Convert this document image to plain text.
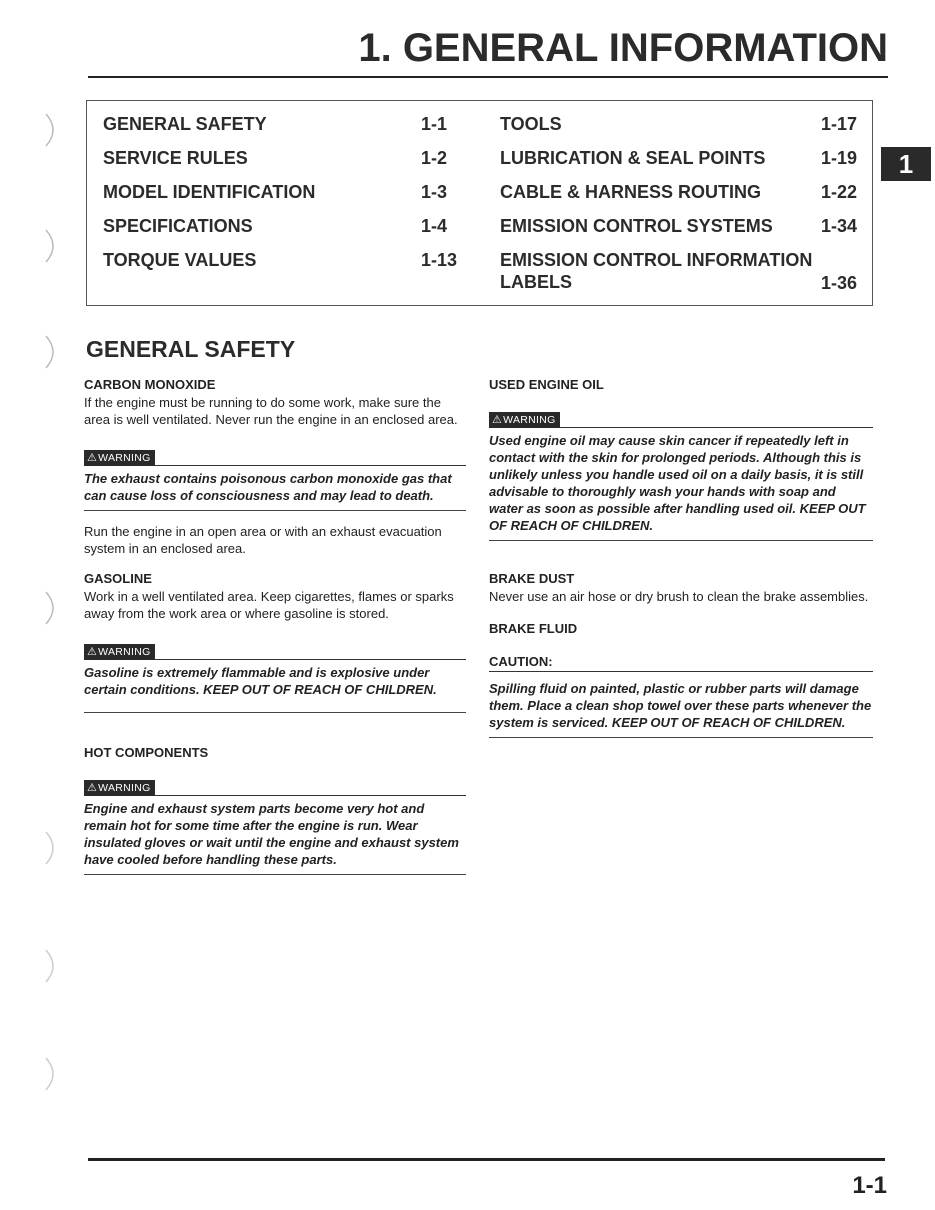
1. GENERAL INFORMATION
1
GENERAL SAFETY	1-1
SERVICE RULES	1-2
MODEL IDENTIFICATION	1-3
SPECIFICATIONS	1-4
TORQUE VALUES	1-13
TOOLS	1-17
LUBRICATION & SEAL POINTS	1-19
CABLE & HARNESS ROUTING	1-22
EMISSION CONTROL SYSTEMS	1-34
EMISSION CONTROL INFORMATION
LABELS	1-36
GENERAL SAFETY

CARBON MONOXIDE

If the engine must be running to do some work, make sure the area is well ventilated. Never run the engine in an enclosed area.

⚠WARNING

The exhaust contains poisonous carbon monoxide gas that can cause loss of consciousness and may lead to death.

Run the engine in an open area or with an exhaust evacuation system in an enclosed area.

GASOLINE

Work in a well ventilated area. Keep cigarettes, flames or sparks away from the work area or where gasoline is stored.

⚠WARNING

Gasoline is extremely flammable and is explosive under certain conditions. KEEP OUT OF REACH OF CHILDREN.

HOT COMPONENTS

⚠WARNING

Engine and exhaust system parts become very hot and remain hot for some time after the engine is run. Wear insulated gloves or wait until the engine and exhaust system have cooled before handling these parts.

USED ENGINE OIL

⚠WARNING

Used engine oil may cause skin cancer if repeatedly left in contact with the skin for prolonged periods. Although this is unlikely unless you handle used oil on a daily basis, it is still advisable to thoroughly wash your hands with soap and water as soon as possible after handling used oil. KEEP OUT OF REACH OF CHILDREN.

BRAKE DUST

Never use an air hose or dry brush to clean the brake assemblies.

BRAKE FLUID

CAUTION:

Spilling fluid on painted, plastic or rubber parts will damage them. Place a clean shop towel over these parts whenever the system is serviced. KEEP OUT OF REACH OF CHILDREN.

1-1
